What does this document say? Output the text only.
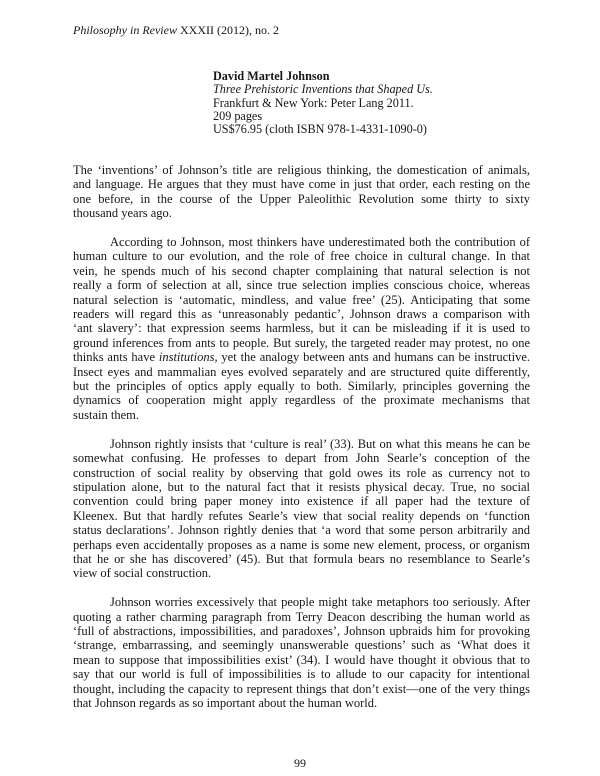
Philosophy in Review XXXII (2012), no. 2
David Martel Johnson
Three Prehistoric Inventions that Shaped Us.
Frankfurt & New York: Peter Lang 2011.
209 pages
US$76.95 (cloth ISBN 978-1-4331-1090-0)
The ‘inventions’ of Johnson’s title are religious thinking, the domestication of animals,
and language. He argues that they must have come in just that order, each resting on the
one before, in the course of the Upper Paleolithic Revolution some thirty to sixty
thousand years ago.
According to Johnson, most thinkers have underestimated both the contribution of
human culture to our evolution, and the role of free choice in cultural change. In that
vein, he spends much of his second chapter complaining that natural selection is not
really a form of selection at all, since true selection implies conscious choice, whereas
natural selection is ‘automatic, mindless, and value free’ (25). Anticipating that some
readers will regard this as ‘unreasonably pedantic’, Johnson draws a comparison with
‘ant slavery’: that expression seems harmless, but it can be misleading if it is used to
ground inferences from ants to people. But surely, the targeted reader may protest, no one
thinks ants have institutions, yet the analogy between ants and humans can be instructive.
Insect eyes and mammalian eyes evolved separately and are structured quite differently,
but the principles of optics apply equally to both. Similarly, principles governing the
dynamics of cooperation might apply regardless of the proximate mechanisms that
sustain them.
Johnson rightly insists that ‘culture is real’ (33). But on what this means he can be
somewhat confusing. He professes to depart from John Searle’s conception of the
construction of social reality by observing that gold owes its role as currency not to
stipulation alone, but to the natural fact that it resists physical decay. True, no social
convention could bring paper money into existence if all paper had the texture of
Kleenex. But that hardly refutes Searle’s view that social reality depends on ‘function
status declarations’. Johnson rightly denies that ‘a word that some person arbitrarily and
perhaps even accidentally proposes as a name is some new element, process, or organism
that he or she has discovered’ (45). But that formula bears no resemblance to Searle’s
view of social construction.
Johnson worries excessively that people might take metaphors too seriously. After
quoting a rather charming paragraph from Terry Deacon describing the human world as
‘full of abstractions, impossibilities, and paradoxes’, Johnson upbraids him for provoking
‘strange, embarrassing, and seemingly unanswerable questions’ such as ‘What does it
mean to suppose that impossibilities exist’ (34). I would have thought it obvious that to
say that our world is full of impossibilities is to allude to our capacity for intentional
thought, including the capacity to represent things that don’t exist—one of the very things
that Johnson regards as so important about the human world.
99
